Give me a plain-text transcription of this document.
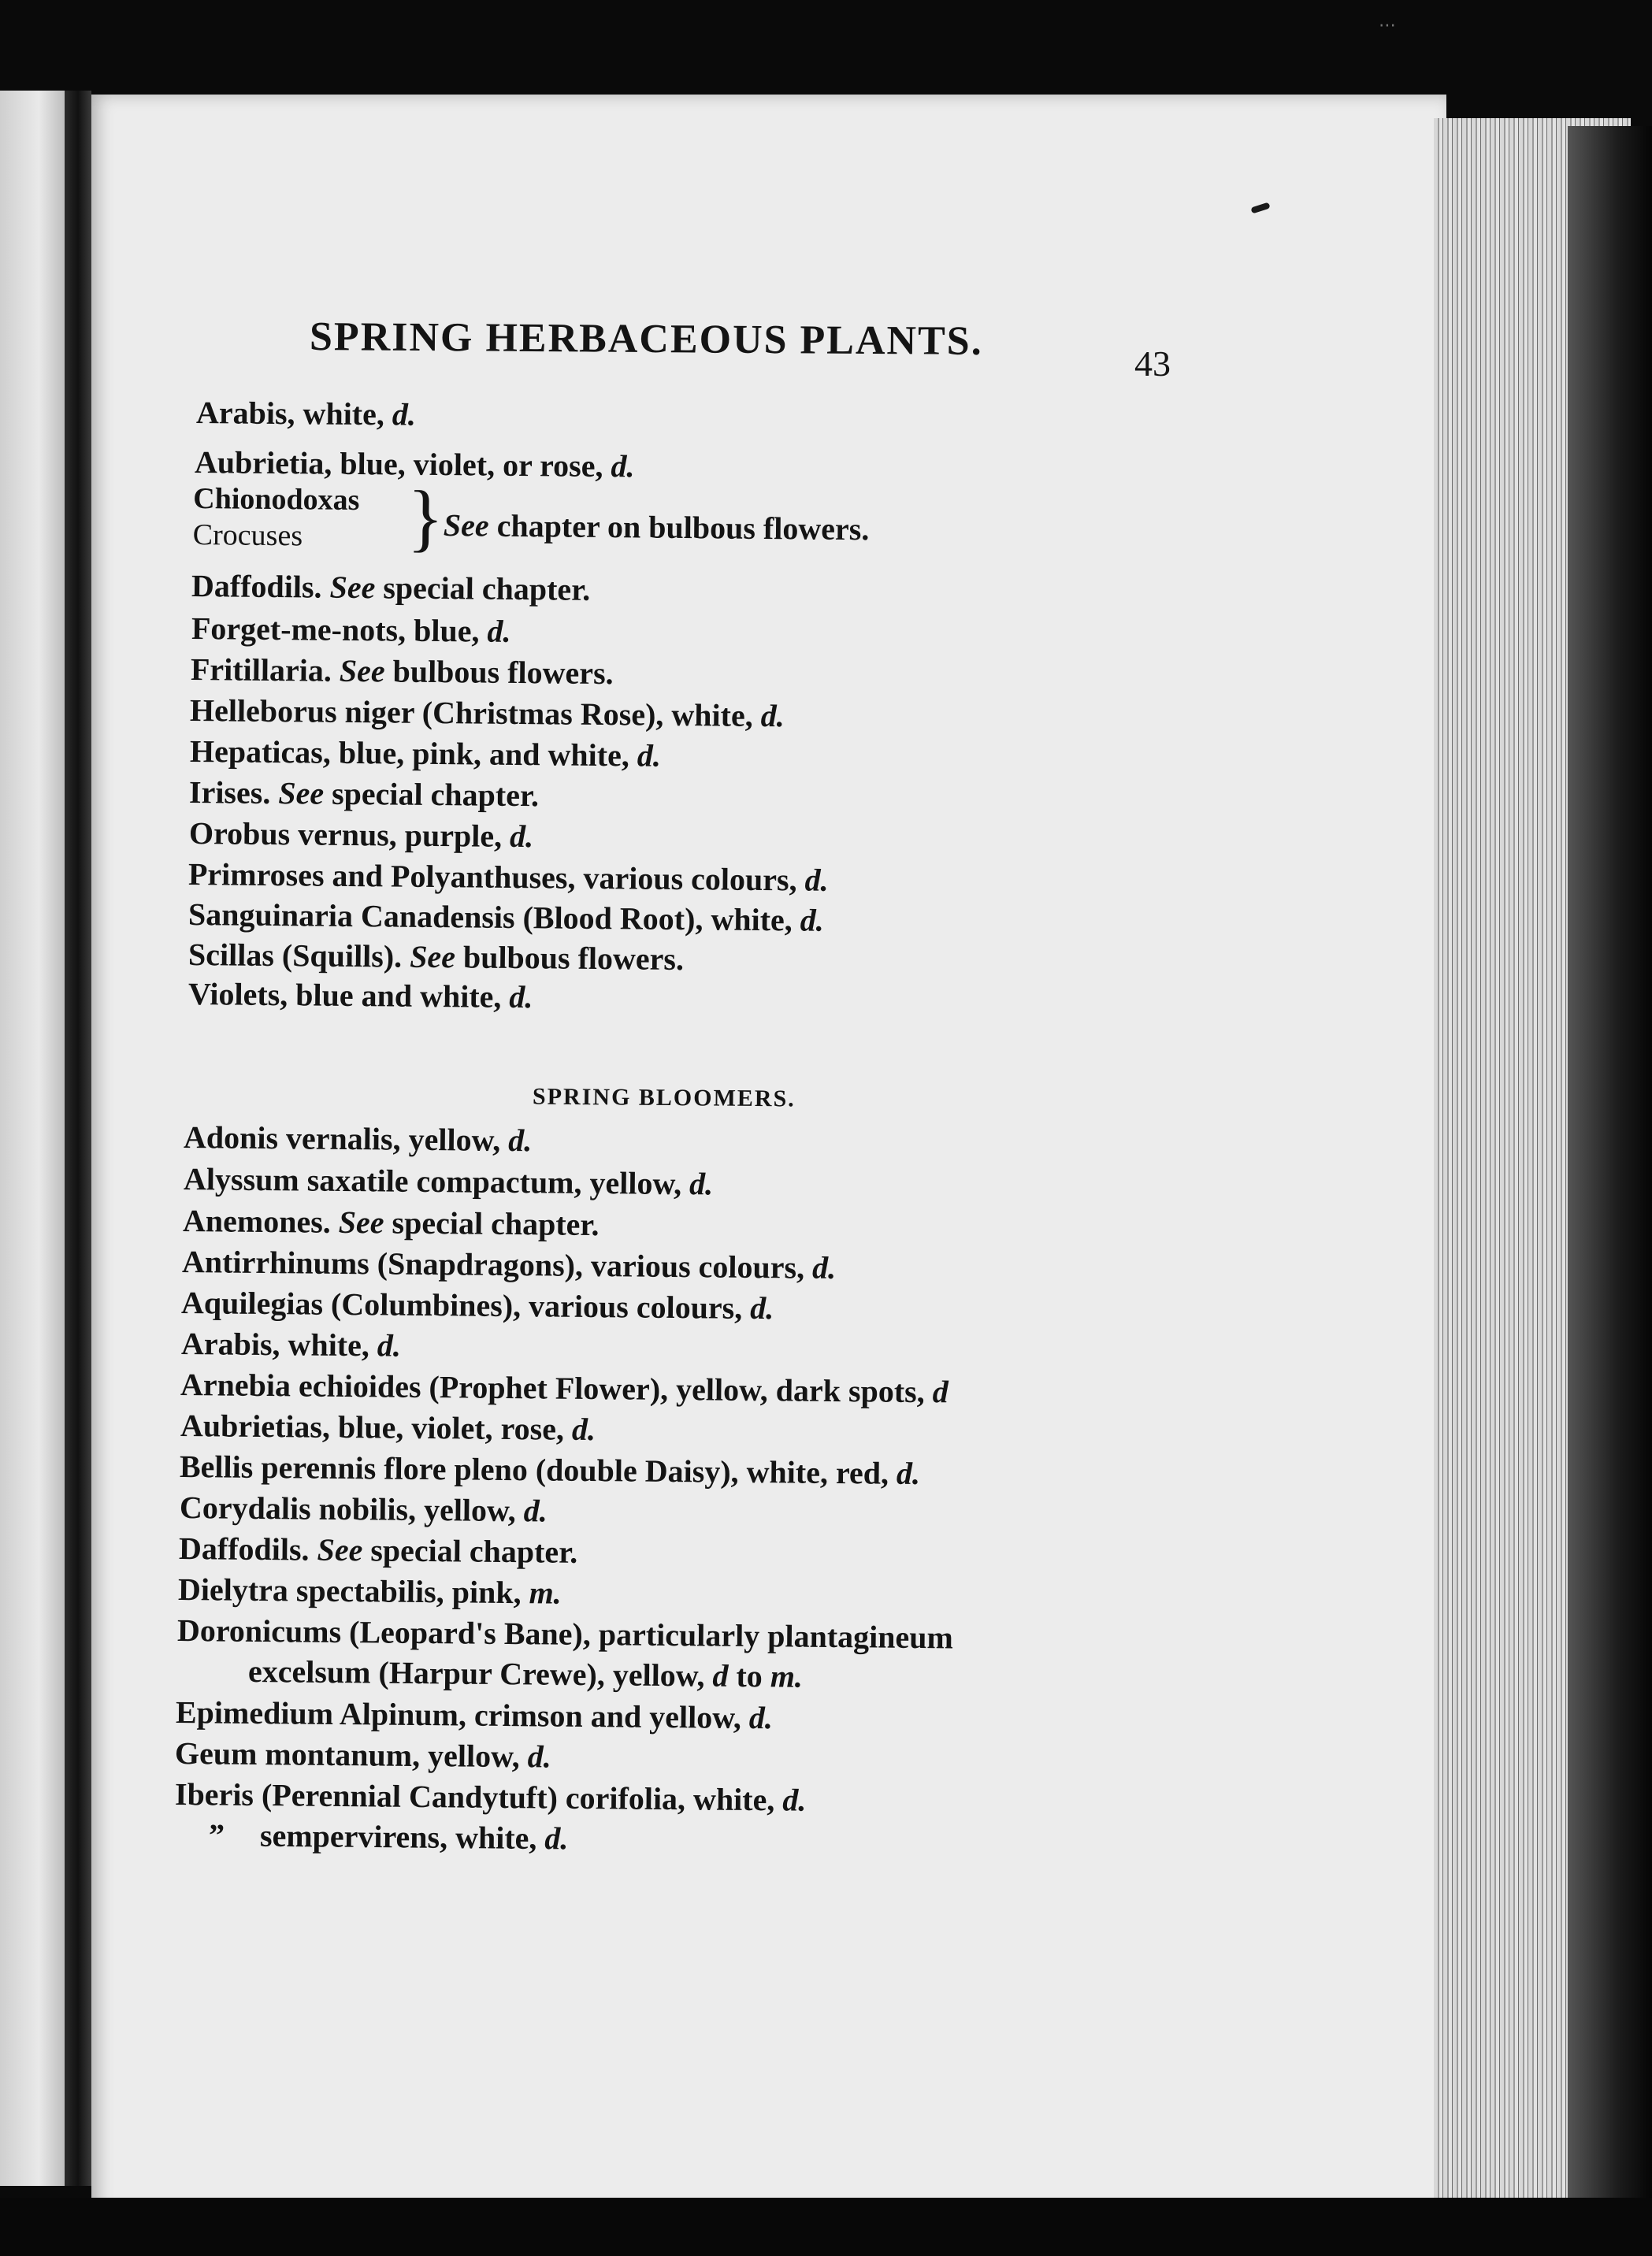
⋯
SPRING HERBACEOUS PLANTS.	43
Arabis, white, d.
Aubrietia, blue, violet, or rose, d.
Chionodoxas
Crocuses	} See chapter on bulbous flowers.
Daffodils. See special chapter.
Forget-me-nots, blue, d.
Fritillaria. See bulbous flowers.
Helleborus niger (Christmas Rose), white, d.
Hepaticas, blue, pink, and white, d.
Irises. See special chapter.
Orobus vernus, purple, d.
Primroses and Polyanthuses, various colours, d.
Sanguinaria Canadensis (Blood Root), white, d.
Scillas (Squills). See bulbous flowers.
Violets, blue and white, d.
SPRING BLOOMERS.
Adonis vernalis, yellow, d.
Alyssum saxatile compactum, yellow, d.
Anemones. See special chapter.
Antirrhinums (Snapdragons), various colours, d.
Aquilegias (Columbines), various colours, d.
Arabis, white, d.
Arnebia echioides (Prophet Flower), yellow, dark spots, d
Aubrietias, blue, violet, rose, d.
Bellis perennis flore pleno (double Daisy), white, red, d.
Corydalis nobilis, yellow, d.
Daffodils. See special chapter.
Dielytra spectabilis, pink, m.
Doronicums (Leopard's Bane), particularly plantagineum
excelsum (Harpur Crewe), yellow, d to m.
Epimedium Alpinum, crimson and yellow, d.
Geum montanum, yellow, d.
Iberis (Perennial Candytuft) corifolia, white, d.
” sempervirens, white, d.
